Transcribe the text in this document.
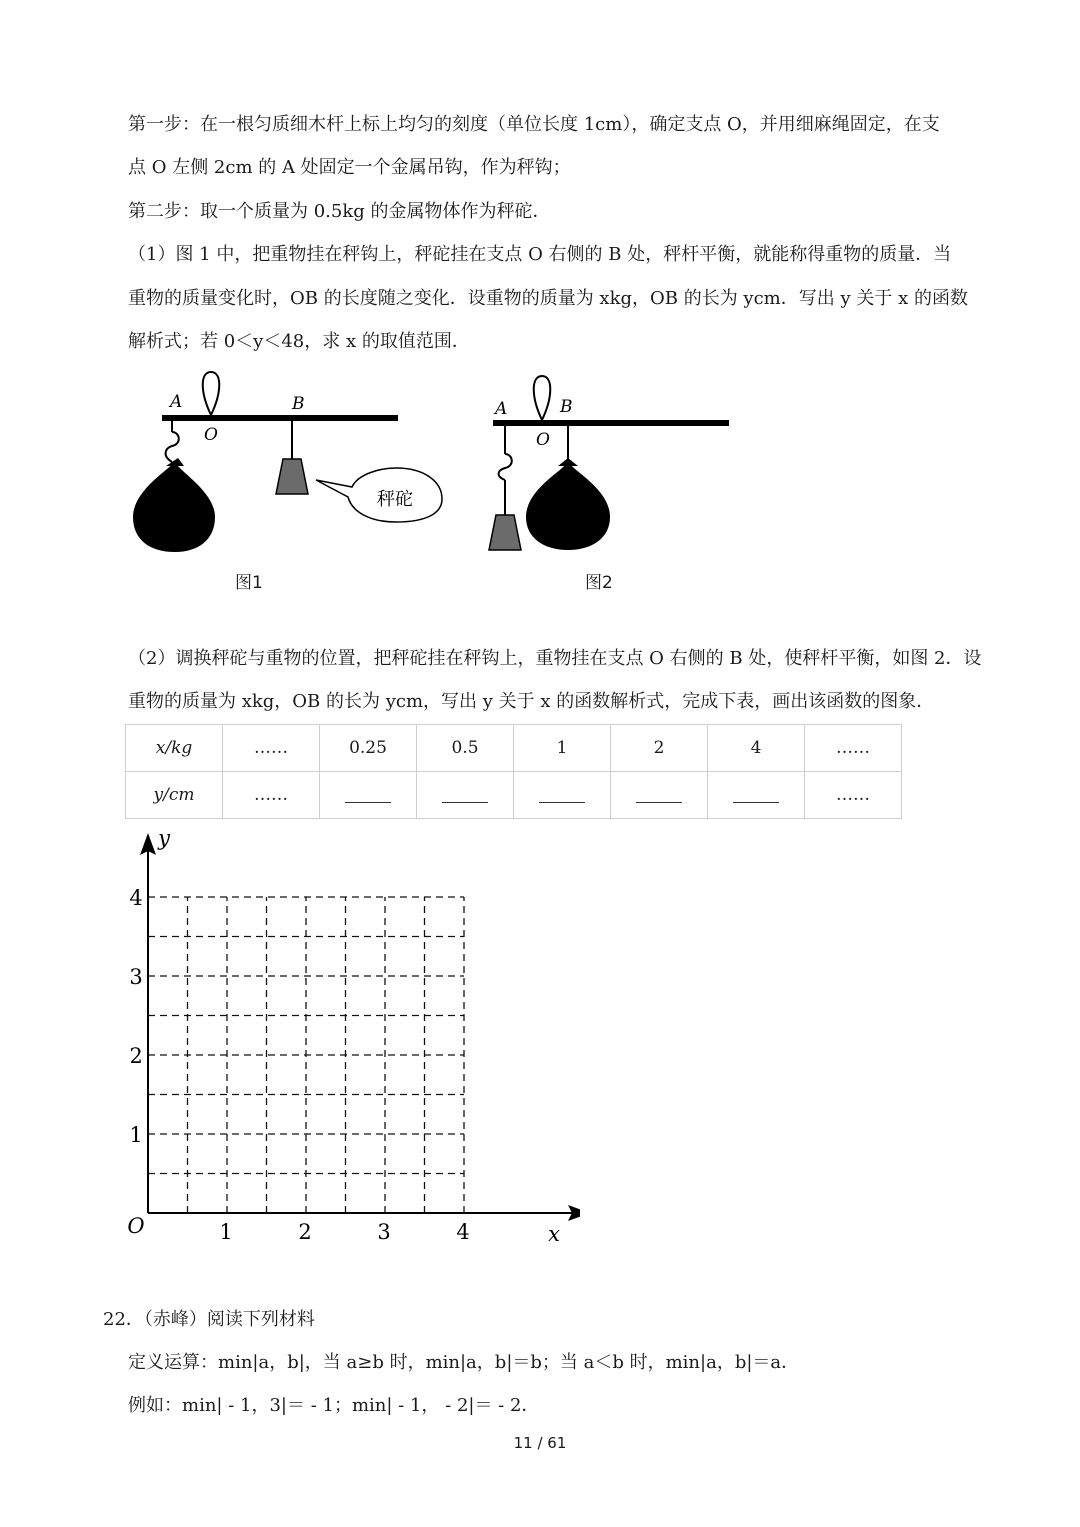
第一步：在一根匀质细木杆上标上均匀的刻度（单位长度 1cm），确定支点 O，并用细麻绳固定，在支
点 O 左侧 2cm 的 A 处固定一个金属吊钩，作为秤钩；
第二步：取一个质量为 0.5kg 的金属物体作为秤砣．
（1）图 1 中，把重物挂在秤钩上，秤砣挂在支点 O 右侧的 B 处，秤杆平衡，就能称得重物的质量．当
重物的质量变化时，OB 的长度随之变化．设重物的质量为 xkg，OB 的长为 ycm．写出 y 关于 x 的函数
解析式；若 0＜y＜48，求 x 的取值范围．
A
O
B
秤砣
A
O
B
图1	图2
（2）调换秤砣与重物的位置，把秤砣挂在秤钩上，重物挂在支点 O 右侧的 B 处，使秤杆平衡，如图 2．设
重物的质量为 xkg，OB 的长为 ycm，写出 y 关于 x 的函数解析式，完成下表，画出该函数的图象．
x/kg	……	0.25	0.5	1	2	4	……
y/cm	……						……
1	2	3	4
1
2
3
4
O	x
y
22．（赤峰）阅读下列材料
定义运算：min|a，b|，当 a≥b 时，min|a，b|＝b；当 a＜b 时，min|a，b|＝a．
例如：min| - 1，3|＝ - 1；min| - 1， - 2|＝ - 2．
11 / 61
